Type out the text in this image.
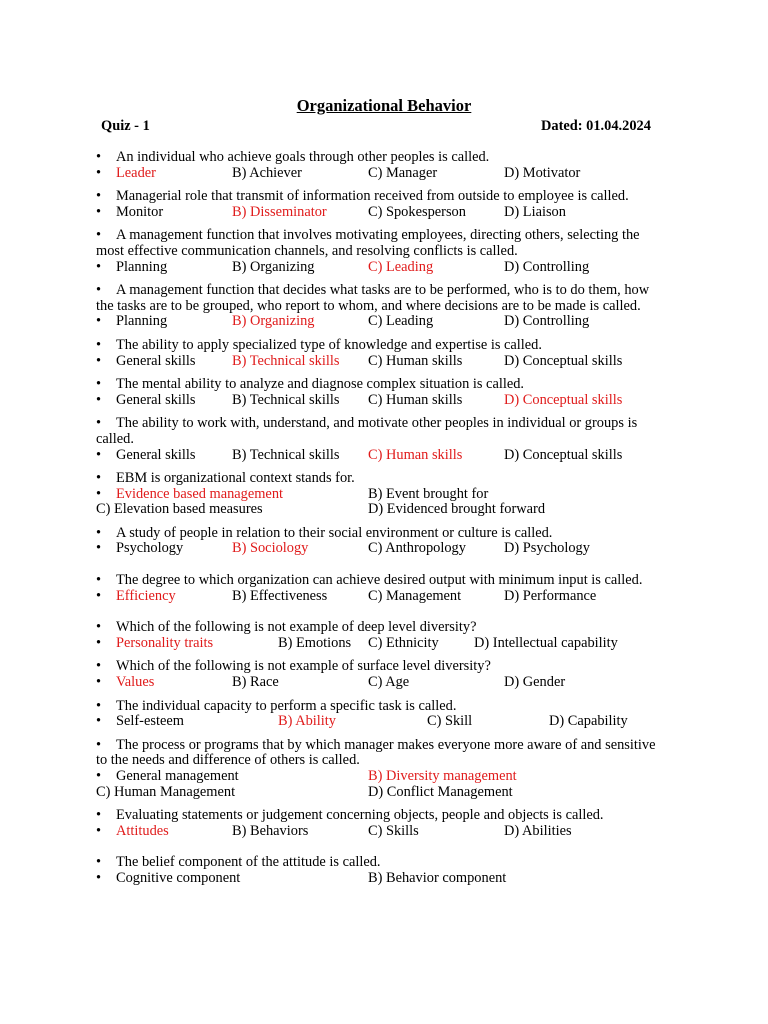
Organizational Behavior
Quiz - 1	Dated: 01.04.2024
• An individual who achieve goals through other peoples is called.
• Leader	B) Achiever	C) Manager	D) Motivator
• Managerial role that transmit of information received from outside to employee is called.
• Monitor	B) Disseminator	C) Spokesperson	D) Liaison
• A management function that involves motivating employees, directing others, selecting the most effective communication channels, and resolving conflicts is called.
• Planning	B) Organizing	C) Leading	D) Controlling
• A management function that decides what tasks are to be performed, who is to do them, how the tasks are to be grouped, who report to whom, and where decisions are to be made is called.
• Planning	B) Organizing	C) Leading	D) Controlling
• The ability to apply specialized type of knowledge and expertise is called.
• General skills	B) Technical skills C) Human skills	D) Conceptual skills
• The mental ability to analyze and diagnose complex situation is called.
• General skills	B) Technical skills C) Human skills	D) Conceptual skills
• The ability to work with, understand, and motivate other peoples in individual or groups is called.
• General skills	B) Technical skills C) Human skills	D) Conceptual skills
• EBM is organizational context stands for.
• Evidence based management	B) Event brought for
C) Elevation based measures	D) Evidenced brought forward
• A study of people in relation to their social environment or culture is called.
• Psychology	B) Sociology	C) Anthropology	D) Psychology
• The degree to which organization can achieve desired output with minimum input is called.
• Efficiency	B) Effectiveness	C) Management	D) Performance
• Which of the following is not example of deep level diversity?
• Personality traits	B) Emotions C) Ethnicity D) Intellectual capability
• Which of the following is not example of surface level diversity?
• Values	B) Race	C) Age	D) Gender
• The individual capacity to perform a specific task is called.
• Self-esteem	B) Ability	C) Skill	D) Capability
• The process or programs that by which manager makes everyone more aware of and sensitive to the needs and difference of others is called.
• General management	B) Diversity management
C) Human Management	D) Conflict Management
• Evaluating statements or judgement concerning objects, people and objects is called.
• Attitudes	B) Behaviors	C) Skills	D) Abilities
• The belief component of the attitude is called.
• Cognitive component	B) Behavior component
